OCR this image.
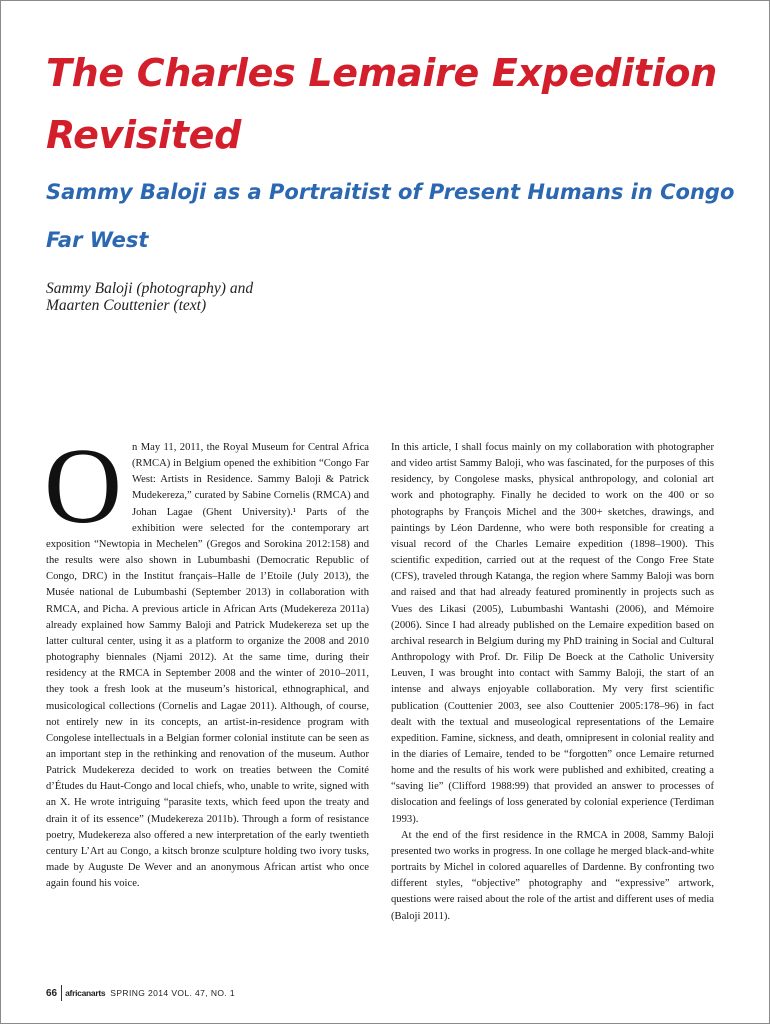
The Charles Lemaire Expedition Revisited
Sammy Baloji as a Portraitist of Present Humans in Congo Far West
Sammy Baloji (photography) and
Maarten Couttenier (text)
O n May 11, 2011, the Royal Museum for Central Africa (RMCA) in Belgium opened the exhibition “Congo Far West: Artists in Residence. Sammy Baloji & Patrick Mudekereza,” curated by Sabine Cornelis (RMCA) and Johan Lagae (Ghent University).¹ Parts of the exhibition were selected for the contemporary art exposition “Newtopia in Mechelen” (Gregos and Sorokina 2012:158) and the results were also shown in Lubumbashi (Democratic Republic of Congo, DRC) in the Institut français–Halle de l’Etoile (July 2013), the Musée national de Lubumbashi (September 2013) in collaboration with RMCA, and Picha. A previous article in African Arts (Mudekereza 2011a) already explained how Sammy Baloji and Patrick Mudekereza set up the latter cultural center, using it as a platform to organize the 2008 and 2010 photography biennales (Njami 2012). At the same time, during their residency at the RMCA in September 2008 and the winter of 2010–2011, they took a fresh look at the museum’s historical, ethnographical, and musicological collections (Cornelis and Lagae 2011). Although, of course, not entirely new in its concepts, an artist-in-residence program with Congolese intellectuals in a Belgian former colonial institute can be seen as an important step in the rethinking and renovation of the museum. Author Patrick Mudekereza decided to work on treaties between the Comité d’Études du Haut-Congo and local chiefs, who, unable to write, signed with an X. He wrote intriguing “parasite texts, which feed upon the treaty and drain it of its essence” (Mudekereza 2011b). Through a form of resistance poetry, Mudekereza also offered a new interpretation of the early twentieth century L’Art au Congo, a kitsch bronze sculpture holding two ivory tusks, made by Auguste De Wever and an anonymous African artist who once again found his voice.

In this article, I shall focus mainly on my collaboration with photographer and video artist Sammy Baloji, who was fascinated, for the purposes of this residency, by Congolese masks, physical anthropology, and colonial art work and photography. Finally he decided to work on the 400 or so photographs by François Michel and the 300+ sketches, drawings, and paintings by Léon Dardenne, who were both responsible for creating a visual record of the Charles Lemaire expedition (1898–1900). This scientific expedition, carried out at the request of the Congo Free State (CFS), traveled through Katanga, the region where Sammy Baloji was born and raised and that had already featured prominently in projects such as Vues des Likasi (2005), Lubumbashi Wantashi (2006), and Mémoire (2006). Since I had already published on the Lemaire expedition based on archival research in Belgium during my PhD training in Social and Cultural Anthropology with Prof. Dr. Filip De Boeck at the Catholic University Leuven, I was brought into contact with Sammy Baloji, the start of an intense and always enjoyable collaboration. My very first scientific publication (Couttenier 2003, see also Couttenier 2005:178–96) in fact dealt with the textual and museological representations of the Lemaire expedition. Famine, sickness, and death, omnipresent in colonial reality and in the diaries of Lemaire, tended to be “forgotten” once Lemaire returned home and the results of his work were published and exhibited, creating a “saving lie” (Clifford 1988:99) that provided an answer to processes of dislocation and feelings of loss generated by colonial experience (Terdiman 1993).

At the end of the first residence in the RMCA in 2008, Sammy Baloji presented two works in progress. In one collage he merged black-and-white portraits by Michel in colored aquarelles of Dardenne. By confronting two different styles, “objective” photography and “expressive” artwork, questions were raised about the role of the artist and different uses of media (Baloji 2011).

66 africanarts SPRING 2014 VOL. 47, NO. 1
